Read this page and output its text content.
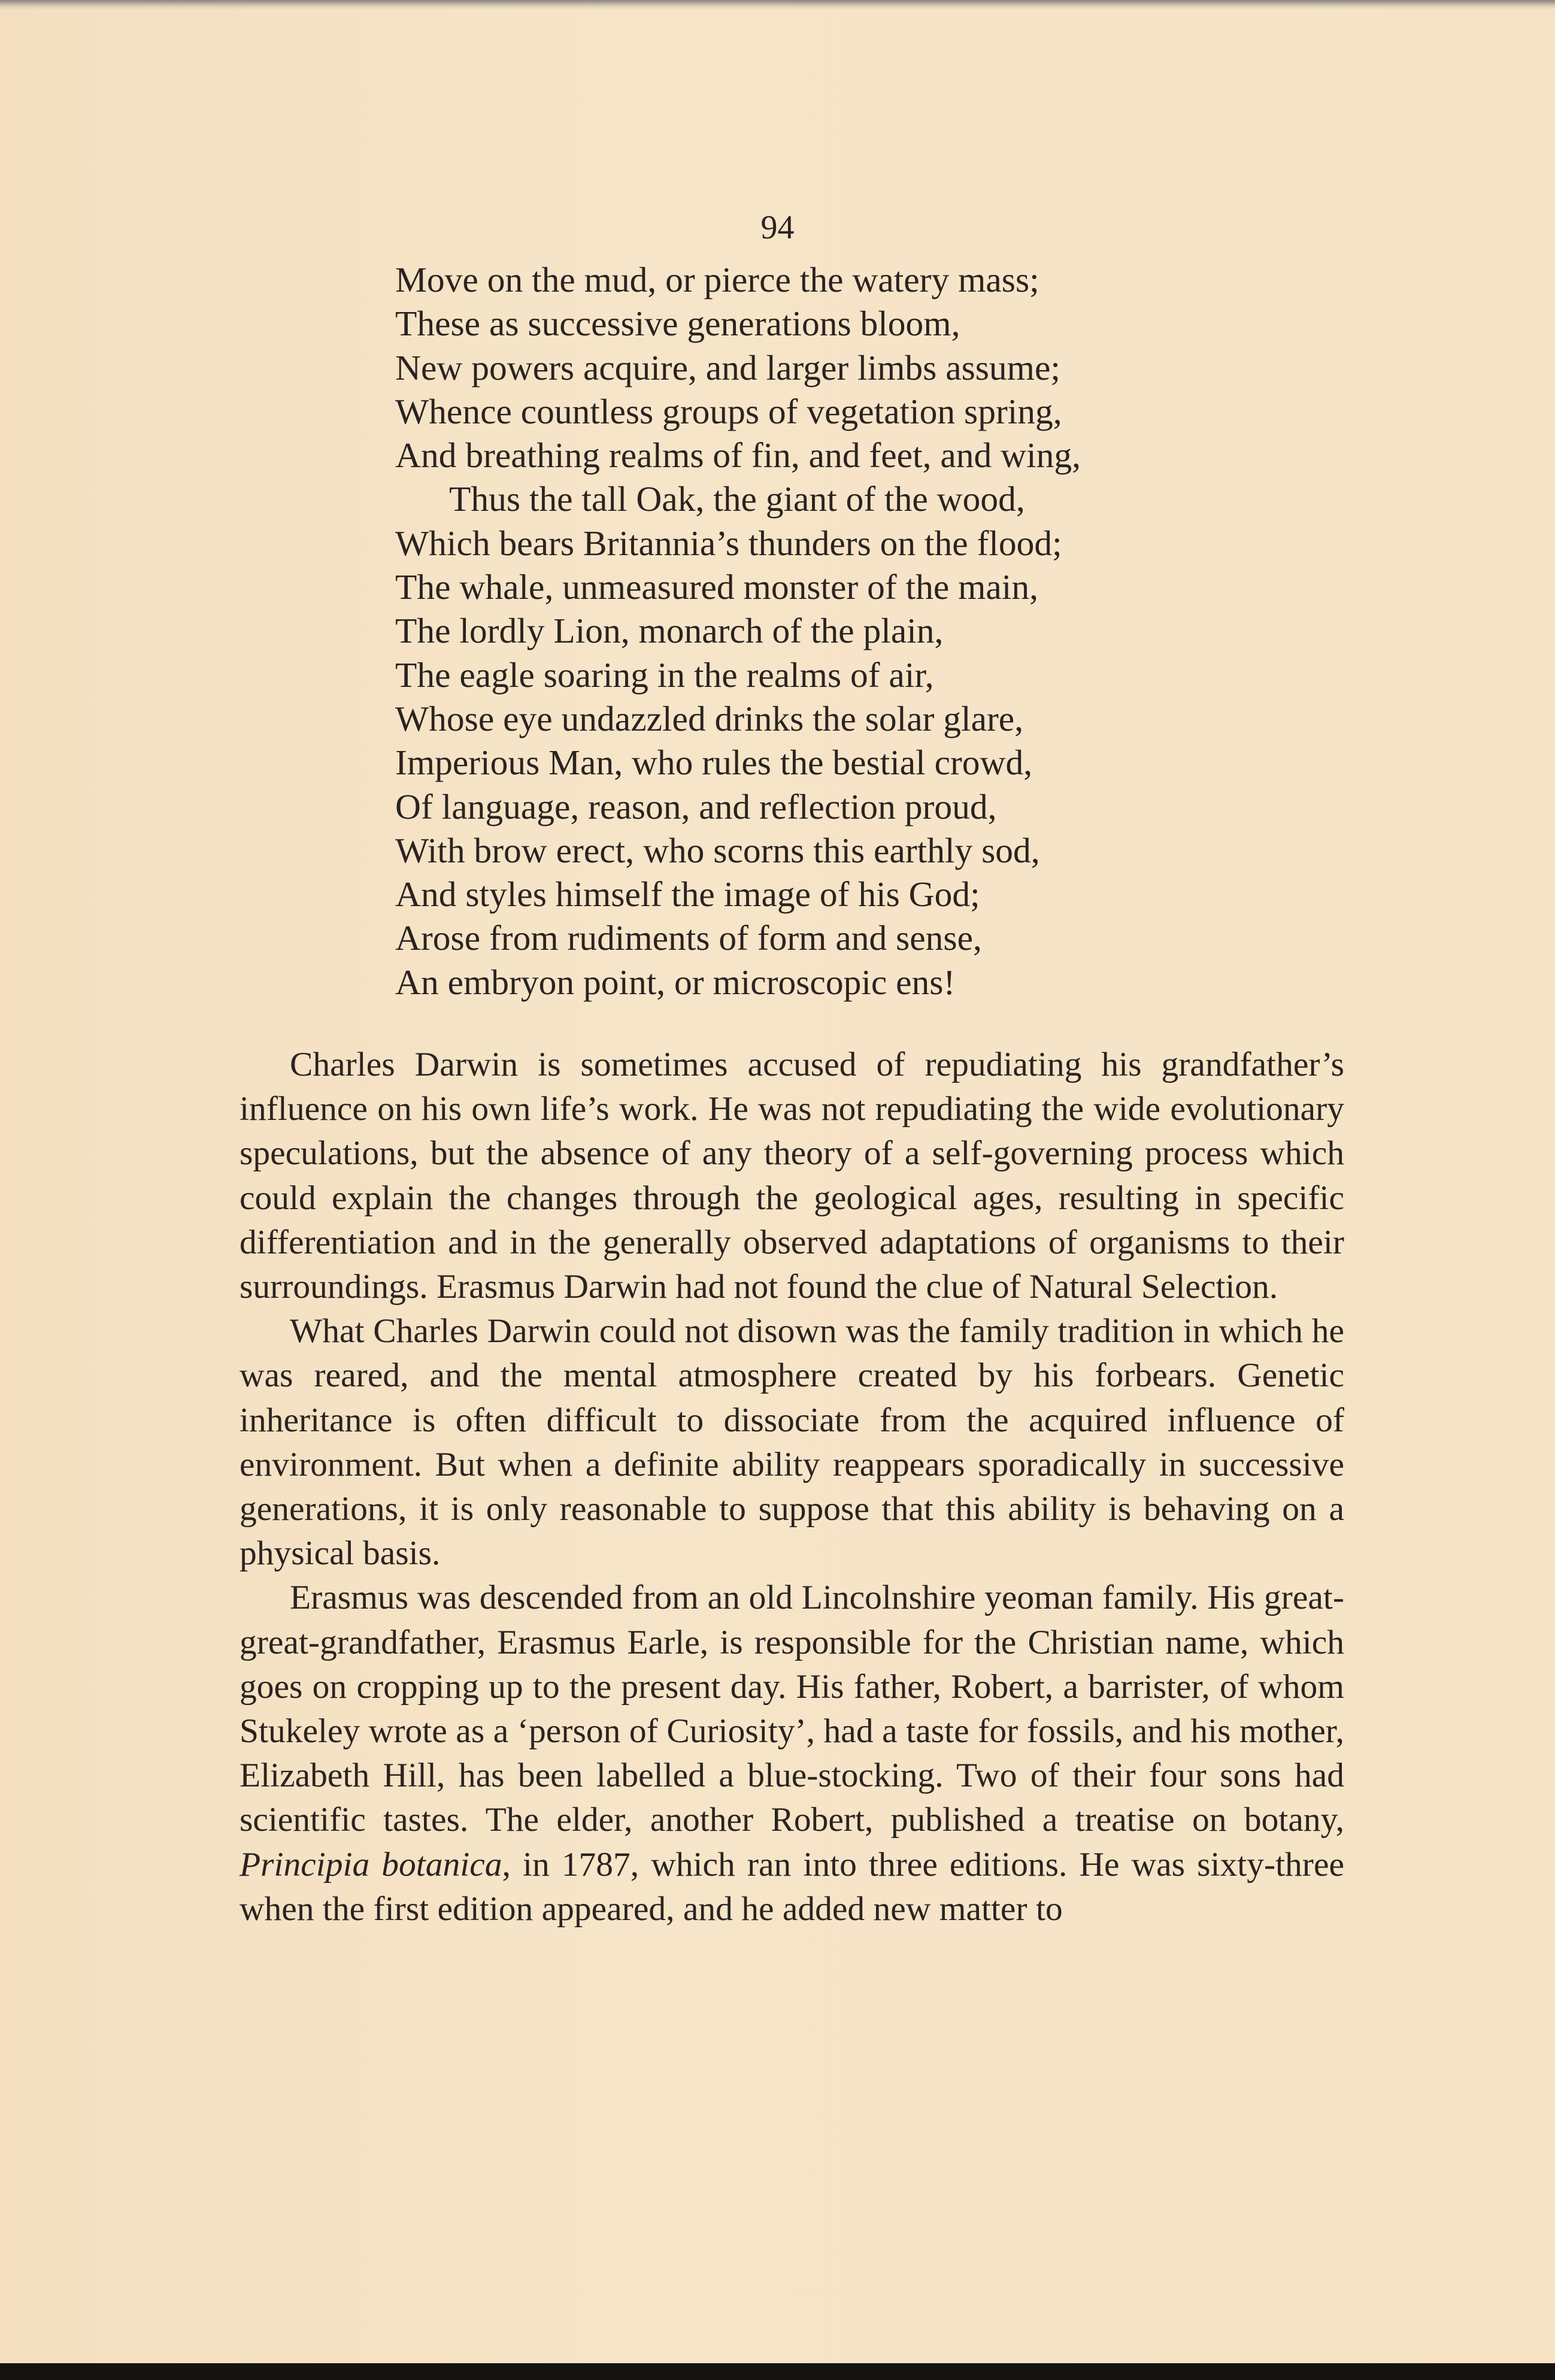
94
Move on the mud, or pierce the watery mass;
These as successive generations bloom,
New powers acquire, and larger limbs assume;
Whence countless groups of vegetation spring,
And breathing realms of fin, and feet, and wing,
Thus the tall Oak, the giant of the wood,
Which bears Britannia’s thunders on the flood;
The whale, unmeasured monster of the main,
The lordly Lion, monarch of the plain,
The eagle soaring in the realms of air,
Whose eye undazzled drinks the solar glare,
Imperious Man, who rules the bestial crowd,
Of language, reason, and reflection proud,
With brow erect, who scorns this earthly sod,
And styles himself the image of his God;
Arose from rudiments of form and sense,
An embryon point, or microscopic ens!

Charles Darwin is sometimes accused of repudiating his grandfather’s influence on his own life’s work. He was not repudiating the wide evolutionary speculations, but the absence of any theory of a self-governing process which could explain the changes through the geological ages, resulting in specific differentiation and in the generally observed adaptations of organisms to their surroundings. Erasmus Darwin had not found the clue of Natural Selection.

What Charles Darwin could not disown was the family tradition in which he was reared, and the mental atmosphere created by his forbears. Genetic inheritance is often difficult to dissociate from the acquired influence of environment. But when a definite ability reappears sporadically in successive generations, it is only reasonable to suppose that this ability is behaving on a physical basis.

Erasmus was descended from an old Lincolnshire yeoman family. His great-great-grandfather, Erasmus Earle, is responsible for the Christian name, which goes on cropping up to the present day. His father, Robert, a barrister, of whom Stukeley wrote as a ‘person of Curiosity’, had a taste for fossils, and his mother, Elizabeth Hill, has been labelled a blue-stocking. Two of their four sons had scientific tastes. The elder, another Robert, published a treatise on botany, Principia botanica, in 1787, which ran into three editions. He was sixty-three when the first edition appeared, and he added new matter to
